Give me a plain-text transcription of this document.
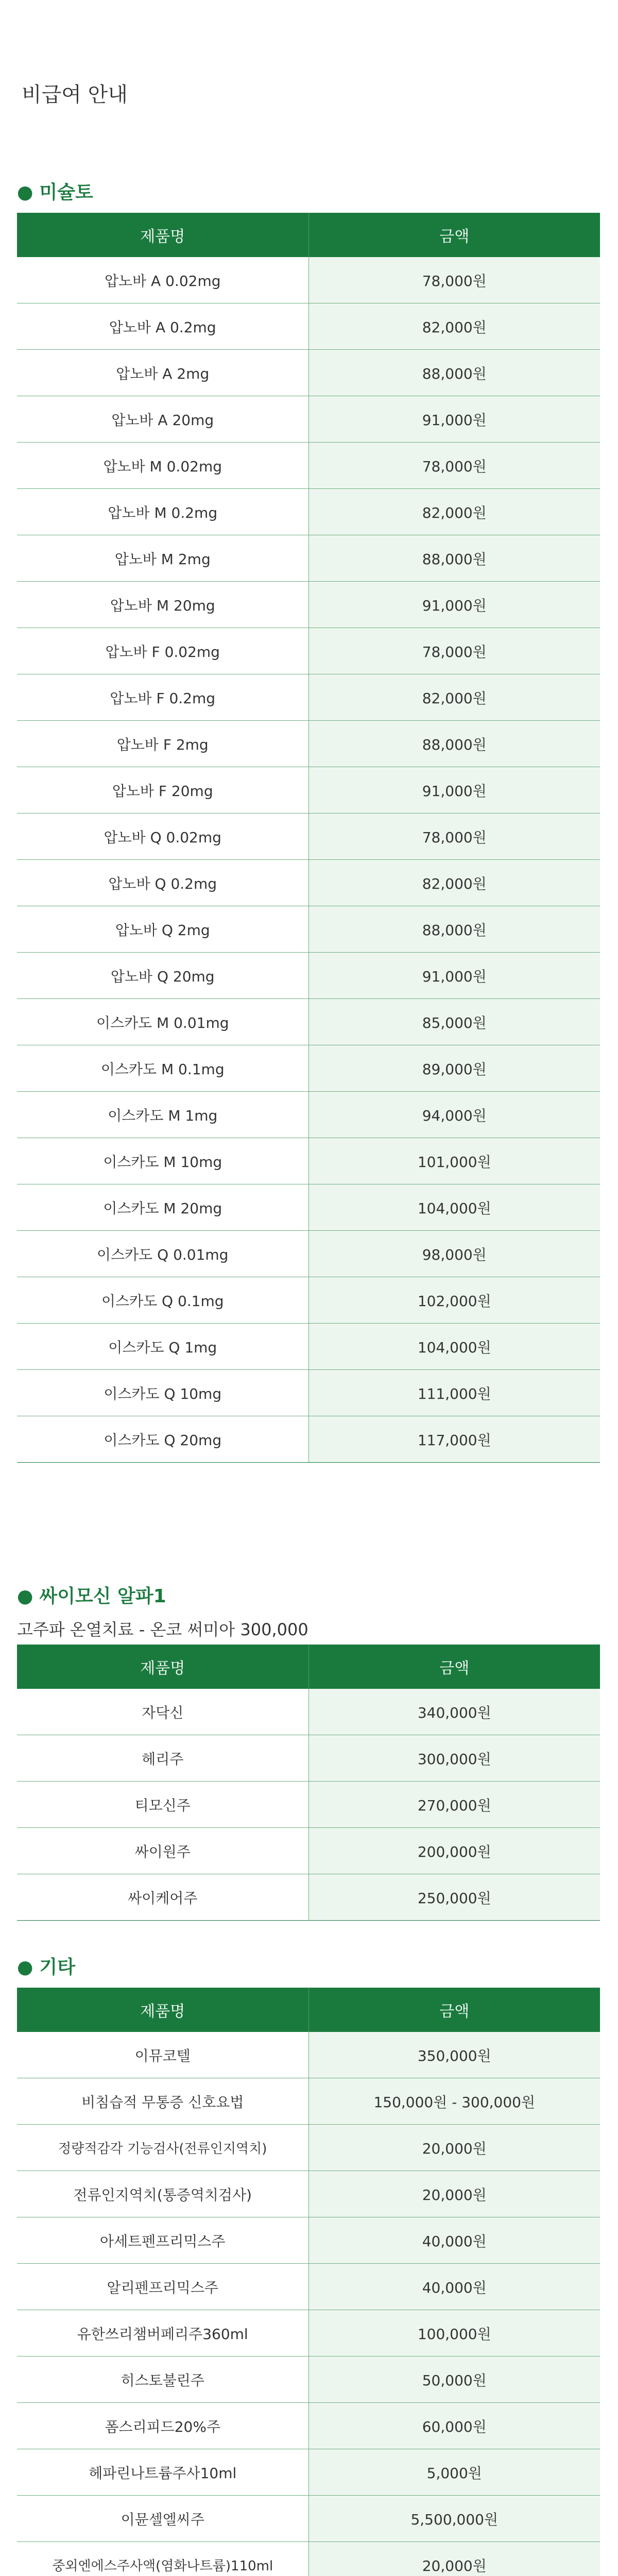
비급여 안내
● 미슐토
제품명	금액
압노바 A 0.02mg	78,000원
압노바 A 0.2mg	82,000원
압노바 A 2mg	88,000원
압노바 A 20mg	91,000원
압노바 M 0.02mg	78,000원
압노바 M 0.2mg	82,000원
압노바 M 2mg	88,000원
압노바 M 20mg	91,000원
압노바 F 0.02mg	78,000원
압노바 F 0.2mg	82,000원
압노바 F 2mg	88,000원
압노바 F 20mg	91,000원
압노바 Q 0.02mg	78,000원
압노바 Q 0.2mg	82,000원
압노바 Q 2mg	88,000원
압노바 Q 20mg	91,000원
이스카도 M 0.01mg	85,000원
이스카도 M 0.1mg	89,000원
이스카도 M 1mg	94,000원
이스카도 M 10mg	101,000원
이스카도 M 20mg	104,000원
이스카도 Q 0.01mg	98,000원
이스카도 Q 0.1mg	102,000원
이스카도 Q 1mg	104,000원
이스카도 Q 10mg	111,000원
이스카도 Q 20mg	117,000원
● 싸이모신 알파1
고주파 온열치료 - 온코 써미아 300,000
제품명	금액
자닥신	340,000원
헤리주	300,000원
티모신주	270,000원
싸이원주	200,000원
싸이케어주	250,000원
● 기타
제품명	금액
이뮤코텔	350,000원
비침습적 무통증 신호요법	150,000원 - 300,000원
정량적감각 기능검사(전류인지역치)	20,000원
전류인지역치(통증역치검사)	20,000원
아세트펜프리믹스주	40,000원
알리펜프리믹스주	40,000원
유한쓰리챔버페리주360ml	100,000원
히스토불린주	50,000원
폼스리피드20%주	60,000원
헤파린나트륨주사10ml	5,000원
이뮨셀엘씨주	5,500,000원
중외엔에스주사액(염화나트륨)110ml	20,000원
